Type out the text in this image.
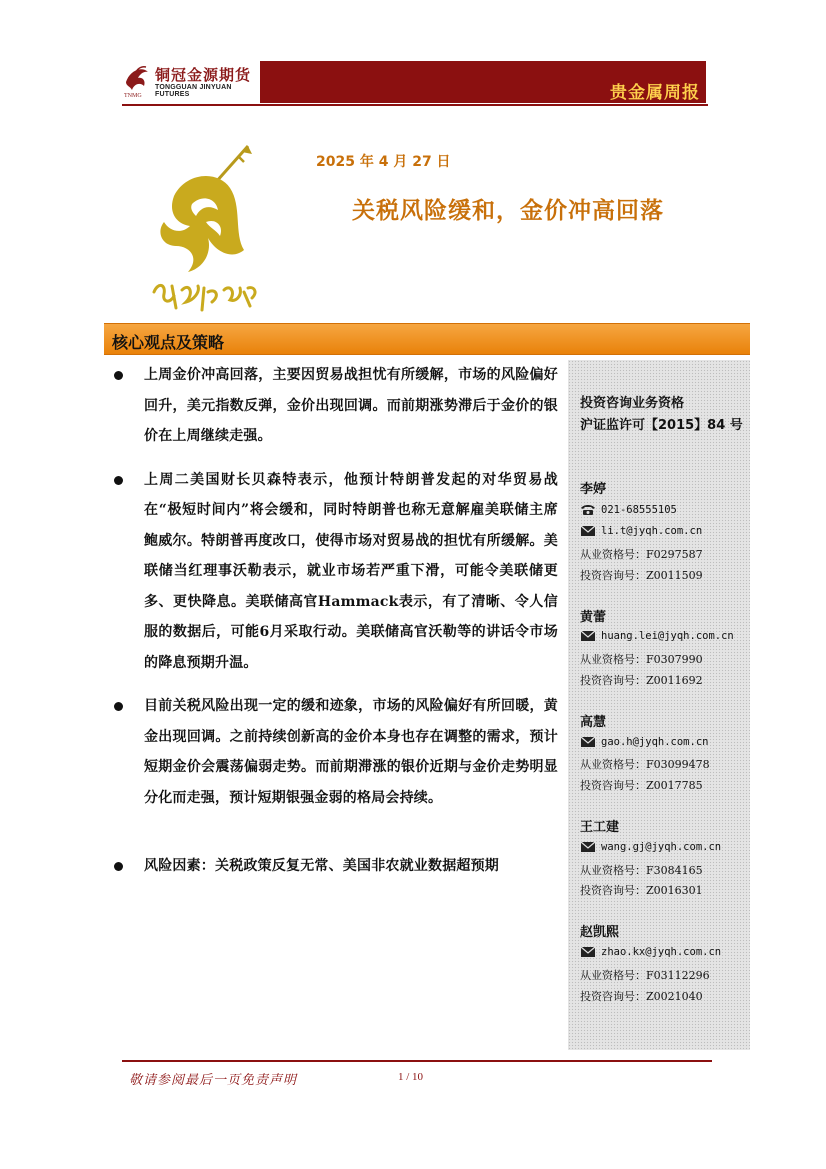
TNMG
铜冠金源期货
TONGGUAN JINYUAN FUTURES	贵金属周报
2025 年 4 月 27 日
关税风险缓和，金价冲高回落
核心观点及策略
上周金价冲高回落，主要因贸易战担忧有所缓解，市场的风险偏好回升，美元指数反弹，金价出现回调。而前期涨势滞后于金价的银价在上周继续走强。
上周二美国财长贝森特表示，他预计特朗普发起的对华贸易战在“极短时间内”将会缓和，同时特朗普也称无意解雇美联储主席鲍威尔。特朗普再度改口，使得市场对贸易战的担忧有所缓解。美联储当红理事沃勒表示，就业市场若严重下滑，可能令美联储更多、更快降息。美联储高官Hammack表示，有了清晰、令人信服的数据后，可能6月采取行动。美联储高官沃勒等的讲话令市场的降息预期升温。
目前关税风险出现一定的缓和迹象，市场的风险偏好有所回暖，黄金出现回调。之前持续创新高的金价本身也存在调整的需求，预计短期金价会震荡偏弱走势。而前期滞涨的银价近期与金价走势明显分化而走强，预计短期银强金弱的格局会持续。
风险因素：关税政策反复无常、美国非农就业数据超预期
投资咨询业务资格
沪证监许可【2015】84 号
李婷
021-68555105
li.t@jyqh.com.cn
从业资格号：F0297587
投资咨询号：Z0011509
黄蕾
huang.lei@jyqh.com.cn
从业资格号：F0307990
投资咨询号：Z0011692
高慧
gao.h@jyqh.com.cn
从业资格号：F03099478
投资咨询号：Z0017785
王工建
wang.gj@jyqh.com.cn
从业资格号：F3084165
投资咨询号：Z0016301
赵凯熙
zhao.kx@jyqh.com.cn
从业资格号：F03112296
投资咨询号：Z0021040
敬请参阅最后一页免责声明	1 / 10
